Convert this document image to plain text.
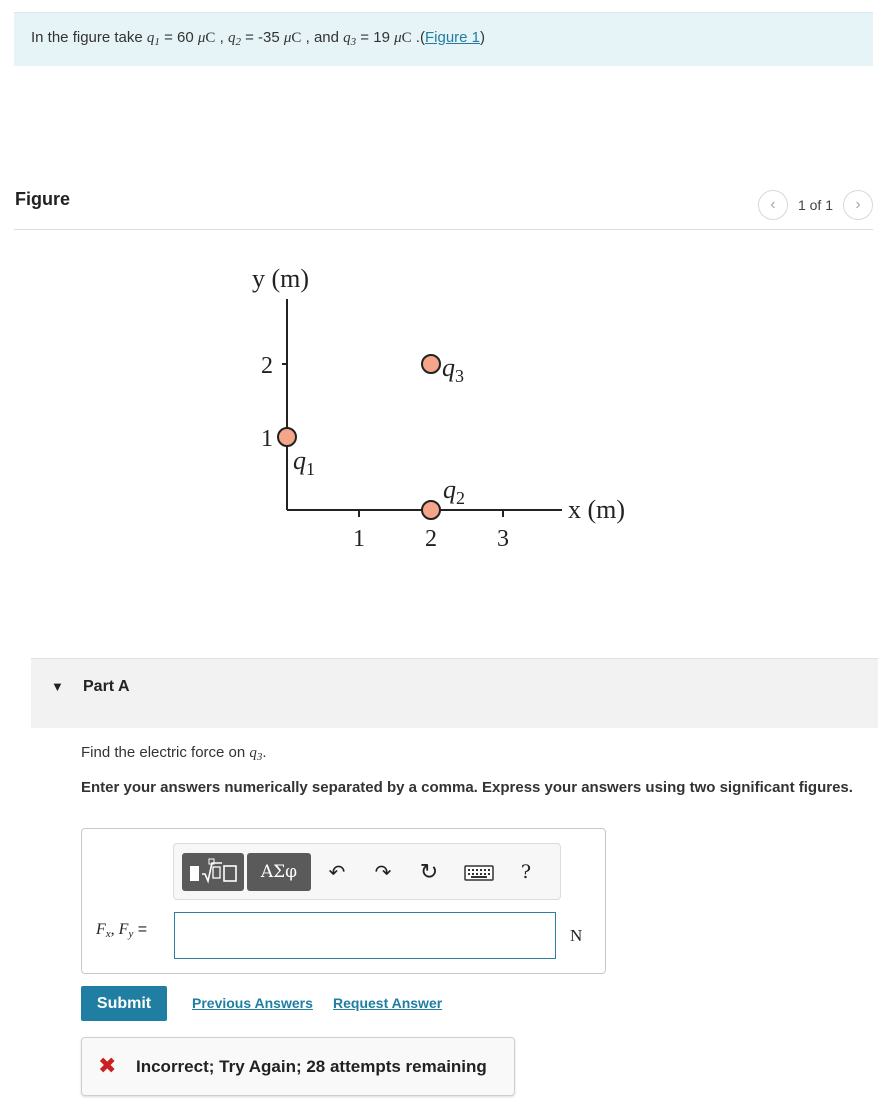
In the figure take $q_1 = 60$ μC , $q_2 = -35$ μC , and $q_3 = 19$ μC .(Figure 1)
Figure	‹ 1 of 1 ›
y (m)
x (m)
2
1
1	2	3
$q_1$
$q_2$
$q_3$
▼ Part A
Find the electric force on $q_3$.
Enter your answers numerically separated by a comma. Express your answers using two significant figures.
ΑΣφ	↶	↷	↻	?
$F_x$, $F_y$ =	N
Submit	Previous Answers Request Answer
✖ Incorrect; Try Again; 28 attempts remaining
